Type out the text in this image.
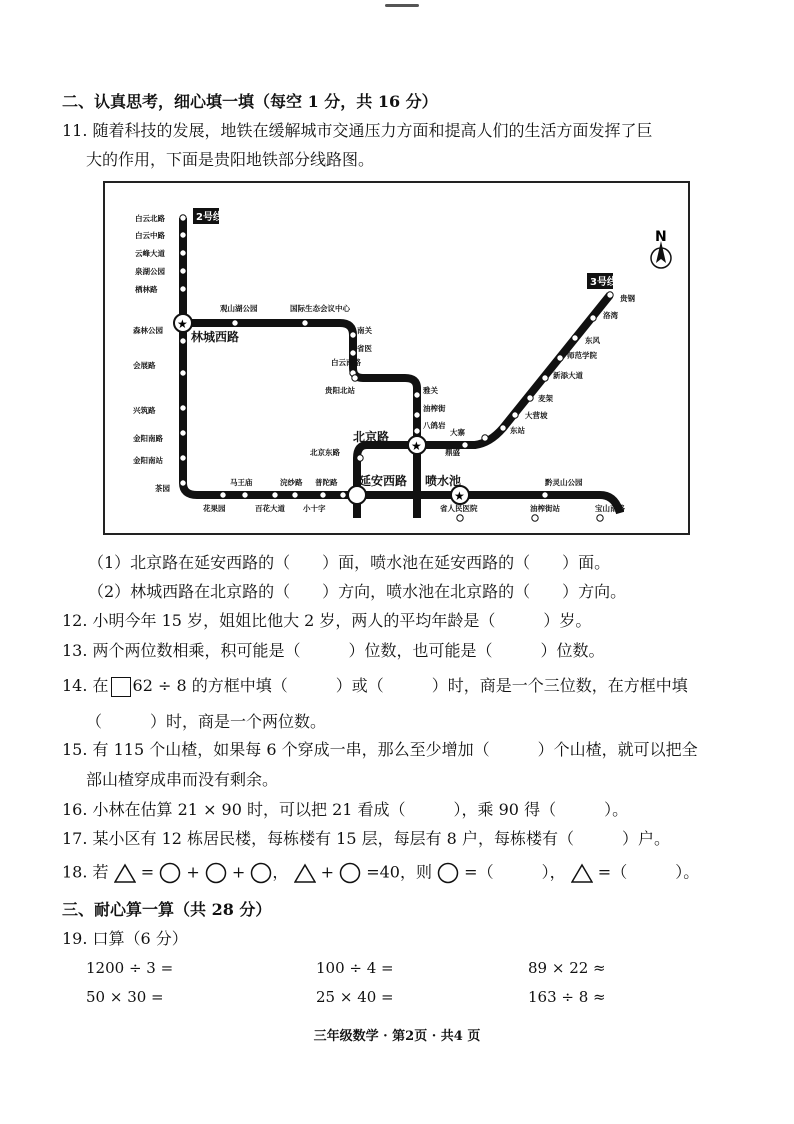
二、认真思考，细心填一填（每空 1 分，共 16 分）
11. 随着科技的发展，地铁在缓解城市交通压力方面和提高人们的生活方面发挥了巨
大的作用，下面是贵阳地铁部分线路图。
2号线
3号线
N
★
★
★
林城西路
北京路
延安西路 喷水池
白云北路
白云中路
云峰大道
泉湖公园
栖林路
观山湖公园	国际生态会议中心
南关
省医
白云南路
贵阳北站	雅关
油榨街
八鸽岩
森林公园
会展路
兴筑路
金阳南路
金阳南站
茶园
马王庙	浣纱路
小十字
普陀路
花果园	百花大道
北京东路
黔灵山公园
省人民医院	油榨街站	宝山南路
贵钢
洛湾
东风
师范学院
新添大道
麦架
大营坡
东站
鼎盛
大寨
（1）北京路在延安西路的（　　）面，喷水池在延安西路的（　　）面。
（2）林城西路在北京路的（　　）方向，喷水池在北京路的（　　）方向。
12. 小明今年 15 岁，姐姐比他大 2 岁，两人的平均年龄是（　　　）岁。
13. 两个两位数相乘，积可能是（　　　）位数，也可能是（　　　）位数。
14. 在 62 ÷ 8 的方框中填（　　　）或（　　　）时，商是一个三位数，在方框中填
（　　　）时，商是一个两位数。
15. 有 115 个山楂，如果每 6 个穿成一串，那么至少增加（　　　）个山楂，就可以把全
部山楂穿成串而没有剩余。
16. 小林在估算 21 × 90 时，可以把 21 看成（　　　），乘 90 得（　　　）。
17. 某小区有 12 栋居民楼，每栋楼有 15 层，每层有 8 户，每栋楼有（　　　）户。
18. 若 = + + ，  + =40，则 =（　　　）， =（　　　）。
三、耐心算一算（共 28 分）
19. 口算（6 分）
1200 ÷ 3 =	100 ÷ 4 =	89 × 22 ≈
50 × 30 =	25 × 40 =	163 ÷ 8 ≈
三年级数学 · 第2页 · 共4 页
